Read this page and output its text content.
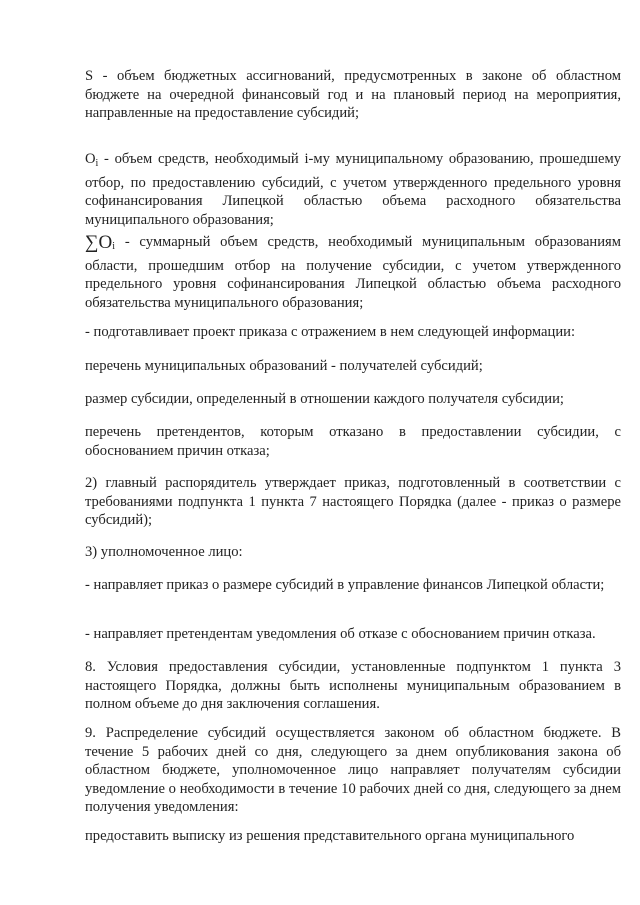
S - объем бюджетных ассигнований, предусмотренных в законе об областном бюджете на очередной финансовый год и на плановый период на мероприятия, направленные на предоставление субсидий;

$O_i$ - объем средств, необходимый i-му муниципальному образованию, прошедшему отбор, по предоставлению субсидий, с учетом утвержденного предельного уровня софинансирования Липецкой областью объема расходного обязательства муниципального образования;

$\sum O_i$ - суммарный объем средств, необходимый муниципальным образованиям области, прошедшим отбор на получение субсидии, с учетом утвержденного предельного уровня софинансирования Липецкой областью объема расходного обязательства муниципального образования;

- подготавливает проект приказа с отражением в нем следующей информации:

перечень муниципальных образований - получателей субсидий;

размер субсидии, определенный в отношении каждого получателя субсидии;

перечень претендентов, которым отказано в предоставлении субсидии, с обоснованием причин отказа;

2) главный распорядитель утверждает приказ, подготовленный в соответствии с требованиями подпункта 1 пункта 7 настоящего Порядка (далее - приказ о размере субсидий);

3) уполномоченное лицо:

- направляет приказ о размере субсидий в управление финансов Липецкой области;

- направляет претендентам уведомления об отказе с обоснованием причин отказа.

8. Условия предоставления субсидии, установленные подпунктом 1 пункта 3 настоящего Порядка, должны быть исполнены муниципальным образованием в полном объеме до дня заключения соглашения.

9. Распределение субсидий осуществляется законом об областном бюджете. В течение 5 рабочих дней со дня, следующего за днем опубликования закона об областном бюджете, уполномоченное лицо направляет получателям субсидии уведомление о необходимости в течение 10 рабочих дней со дня, следующего за днем получения уведомления:

предоставить выписку из решения представительного органа муниципального
